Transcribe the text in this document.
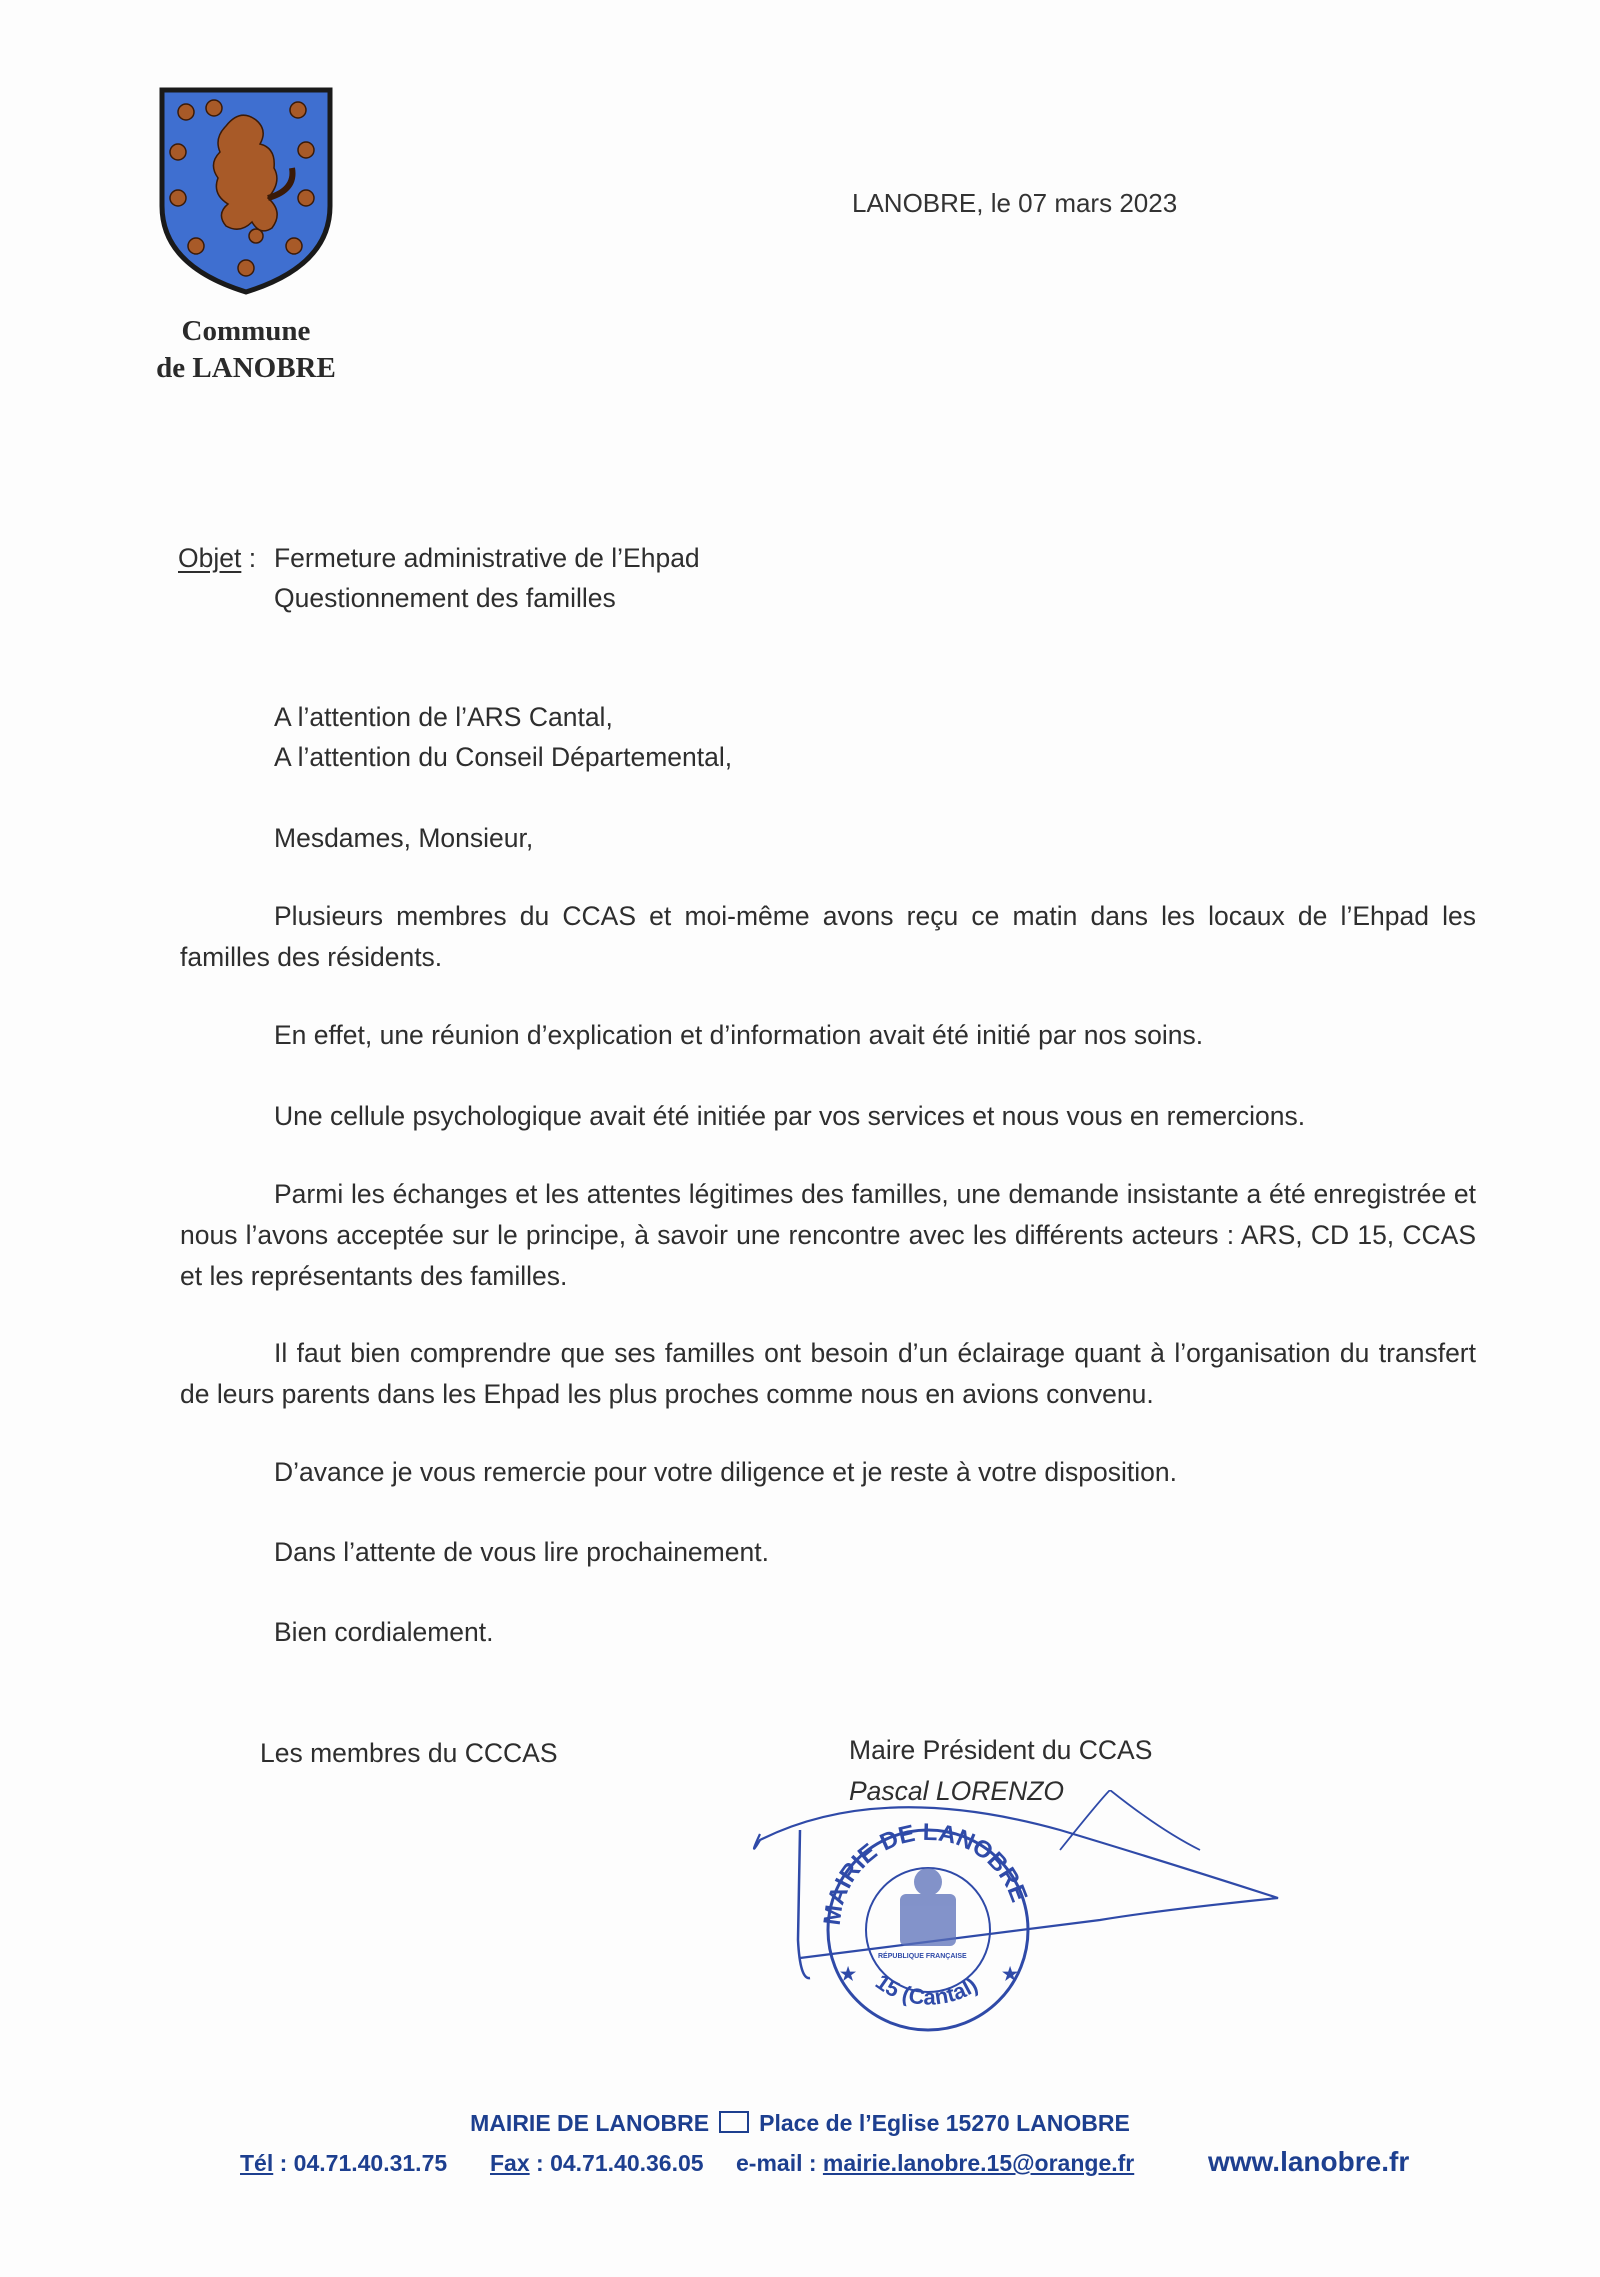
Commune
de LANOBRE
LANOBRE, le 07 mars 2023
Objet : Fermeture administrative de l’Ehpad
Questionnement des familles
A l’attention de l’ARS Cantal,
A l’attention du Conseil Départemental,
Mesdames, Monsieur,

Plusieurs membres du CCAS et moi-même avons reçu ce matin dans les locaux de l’Ehpad les familles des résidents.

En effet, une réunion d’explication et d’information avait été initié par nos soins.

Une cellule psychologique avait été initiée par vos services et nous vous en remercions.

Parmi les échanges et les attentes légitimes des familles, une demande insistante a été enregistrée et nous l’avons acceptée sur le principe, à savoir une rencontre avec les différents acteurs : ARS, CD 15, CCAS et les représentants des familles.

Il faut bien comprendre que ses familles ont besoin d’un éclairage quant à l’organisation du transfert de leurs parents dans les Ehpad les plus proches comme nous en avions convenu.

D’avance je vous remercie pour votre diligence et je reste à votre disposition.

Dans l’attente de vous lire prochainement.

Bien cordialement.

Les membres du CCCAS	Maire Président du CCAS
Pascal LORENZO
MAIRIE DE LANOBRE
15 (Cantal)
★	★
RÉPUBLIQUE FRANÇAISE
MAIRIE DE LANOBRE Place de l’Eglise 15270 LANOBRE
Tél : 04.71.40.31.75 Fax : 04.71.40.36.05 e-mail : mairie.lanobre.15@orange.fr	www.lanobre.fr
